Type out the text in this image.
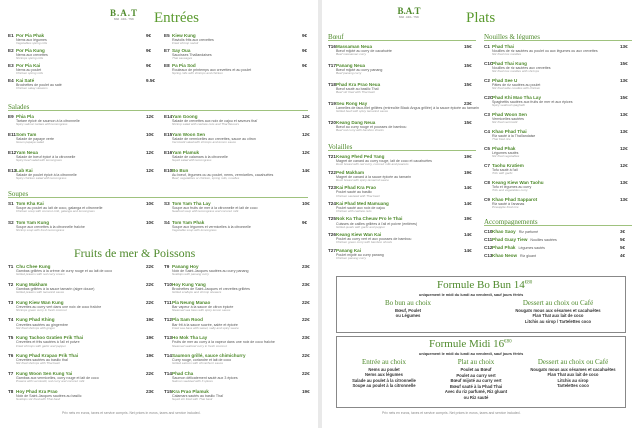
B.A.T
BAR · ASIA · THAI	Entrées
E1 Por Pia Phak	9€
Nems aux légumes
Vegetables spring rolls
E2 Por Pia Kung	9€
Nems aux crevettes
Shrimps spring rolls
E3 Por Pia Kai	9€
Nems au poulet
Chicken spring rolls
E4 Kai Saté	9.5€
Brochettes de poulet au saté
Chicken satay skewers
E5 Kiew Kung	9€
Raviolis frits aux crevettes
Fried shrimp ravioli
E7 Say Oua	9€
Saucisses Thaïlandaises
Thai sausages
E8 Pa Pia Sod	9€
Rouleaux de printemps aux crevettes et au poulet
Spring rolls with shrimps and chicken
Salades
E9 Phia Pla	12€
Tartare épicé de saumon à la citronnelle
Spicy salmon tartare with lemongrass
E11Som Tam	10€
Salade de papaye verte
Green papaya salad
E12Yam Neua	12€
Salade de bœuf épicé à la citronnelle
Spicy beef salad with lemongrass
E13Lab Kai	12€
Salade de poulet épicé à la citronnelle
Spicy chicken salad with lemongrass
E14Yam Goong	12€
Salade de crevettes aux noix de cajou et saveurs thaï
Shrimp salad with cashew nuts and Thai flavours
E15Yam Woon Sen	12€
Salade de vermicelles aux crevettes, sauce au citron
Vermicelli salad with shrimps and lemon sauce
E16Yam Plamuk	12€
Salade de calamars à la citronnelle
Squid salad with lemongrass
E10Bo Bun	14€
Au bœuf, légumes ou au poulet, nems, vermicelles, cacahuètes
Beef, vegetables or chicken, spring rolls, noodles
Soupes
S1 Tom Kha Kai	10€
Soupe au poulet au lait de coco, galanga et citronnelle
Chicken soup with coconut milk, galanga and lemongrass
S2 Tom Yam Kung	10€
Soupe aux crevettes à la citronnelle fraîche
Shrimp soup with fresh lemongrass
S3 Tom Yam Tha Lay	10€
Soupe aux fruits de mer à la citronnelle et lait de coco
Seafood soup with lemongrass and coconut milk
S4 Tom Yam Phak	9€
Soupe aux légumes et vermicelles à la citronnelle
Vegetable soup with lemongrass
Fruits de mer & Poissons
T1 Chu Chee Kung	22€
Gambas grillées à la crème de curry rouge et au lait de coco
Grilled prawns with red curry cream
T2 Kung Makham	22€
Gambas grillées à la sauce tamarin (aigre douce)
Grilled prawns with tamarind sauce
T3 Kung Kiew Wan Kung	22€
Crevettes au curry vert dans une noix de coco fraîche
Shrimps green curry in fresh coconut
T4 Kung Phad Khing	19€
Crevettes sautées au gingembre
Stir fried shrimps with ginger
T5 Kung Tachoo Gratien Prik Thai	19€
Crevettes et frits sautées à l'ail et poivre
Fried shrimps with garlic and pepper
T6 Kung Phad Krapao Prik Thai	19€
Crevettes sautées au basilic thaï
Stir fried shrimps with Thai basil
T7 Kung Woon Sen Kung Yai	22€
Gambas aux vermicelles, curry rouge et lait de coco
Prawns with vermicelli, red curry and coconut milk
T8 Hoy Phad Kra Prao	23€
Noix de Saint-Jacques sautées au basilic
Scallops stir fried with Thai basil
T9 Panang Hoy	23€
Noix de Saint-Jacques sautées au curry panang
Scallops with panang curry
T10Hoy Kung Yang	23€
Brochettes de Saint-Jacques et crevettes grillées
Grilled scallops and shrimp skewers
T11Pla Neung Manao	22€
Bar vapeur à la sauce de citron épicée
Steamed sea bass with spicy lemon sauce
T12Pla Sam Rood	22€
Bar frit à la sauce sucrée, salée et épicée
Fried sea bass with sweet, salty and spicy sauce
T13Ho Mok Tha Lay	23€
Fruits de mer au curry à la vapeur dans une noix de coco fraîche
Steamed seafood curry in fresh coconut
T14Saumon grillé, sauce chimichurry	22€
Curry rouge, coriandre et lait de coco
Grilled salmon with chimichurri sauce
T14Phad Cha	22€
Saumon délicatement sauté aux 3 épices
Salmon sautéed with 3 spices
T15Kra Prao Plamuk	19€
Calamars sautés au basilic Thaï
Squid stir fried with Thai basil
Prix nets en euros, taxes et service compris. Net prices in euros, taxes and service included.
B.A.T
BAR · ASIA · THAI	Plats
Bœuf
T16Massaman Neua	15€
Bœuf mijoté au curry de cacahuète
Beef massaman curry
T17Panang Neua	15€
Bœuf mijoté au curry panang
Beef panang curry
T18Phad Kra Prao Neua	15€
Bœuf sauté au basilic Thaï
Beef stir fried with Thai basil
T19Seu Rong Hay	23€
Lamelles de faux-filet grillées (entrecôte Black Angus grillée) à la sauce épicée au tamarin
Grilled beef with spicy tamarind sauce
T20Keang Dang Neua	15€
Bœuf au curry rouge et pousses de bambou
Beef red curry with bamboo shoots
Volailles
T21Keang Phed Ped Yang	19€
Magret de canard au curry rouge, lait de coco et cacahuètes
Duck breast with red curry, coconut milk and peanuts
T22Ped Makham	19€
Magret de canard à la sauce épicée au tamarin
Duck breast with spicy tamarind sauce
T23Kai Phad Kra Prao	14€
Poulet sauté au basilic
Chicken sautéed with Thai basil
T24Kai Phad Med Mamuang	14€
Poulet sauté aux noix de cajou
Chicken with cashew nuts
T25Nok Ka Tha Cheuw Pro le Thai	19€
Cuisses de cailles grillées à l'ail et poivre (entières)
Grilled quails with garlic and pepper
T26Keang Kiew Wan Kai	14€
Poulet au curry vert et aux pousses de bambou
Chicken green curry with bamboo shoots
T27Panang Kai	14€
Poulet mijoté au curry panang
Chicken panang curry
Nouilles & légumes
C1 Phad Thai	13€
Nouilles de riz sautées au poulet ou aux légumes ou aux crevettes
Stir fried rice noodles
C1CPhad Thai Kung	15€
Nouilles de riz sautées aux crevettes
Stir fried rice noodles with shrimps
C2 Phad See U	13€
Pâtes de riz sautées au poulet
Stir fried wide noodles with chicken
C2CPhad Khi Mao Tha Lay	15€
Spaghettis sautées aux fruits de mer et aux épices
Spicy seafood spaghetti
C3 Phad Woon Sen	13€
Vermicelles sautées
Stir fried vermicelli
C4 Khao Phad Thai	13€
Riz sauté à la Thaïlandaise
Thai fried rice
C5 Phad Phak	12€
Légumes sautés
Stir fried vegetables
C7 Taohu Kratiem	12€
Tofu sauté à l'ail
Tofu with garlic
C8 Keang Kiew Wan Taohu	13€
Tofu et légumes au curry
Tofu and vegetables curry
C9 Khao Phad Sapparot	13€
Riz sauté à l'ananas
Pineapple fried rice
Accompagnements
C10Khao Saoy Riz parfumé	3€
C11Phad Guay Tiew Nouilles sautées	5€
C12Phad Phak Légumes sautés	5€
C13Khao Neow Riz gluant	4€
Formule Bo Bun $14^{€80}$
uniquement le midi du lundi au vendredi, sauf jours fériés
Bo bun au choix
Bœuf, Poulet
ou Légumes
Dessert au choix ou Café
Nougats mous aux sésames et cacahuètes
Flan Thaï aux lait de coco
Litchis au sirop / Tartelettes coco
Formule Midi $16^{€80}$
uniquement le midi du lundi au vendredi, sauf jours fériés
Entrée au choix
Nems au poulet
Nems aux légumes
Salade au poulet à la citronnelle
Soupe au poulet à la citronnelle
Plat au choix
Poulet au Bœuf
Poulet au curry vert
Bœuf mijoté au curry vert
Bœuf sauté à la Phad Thai
Avec du riz parfumé, Riz gluant
ou Riz sauté
Dessert au choix ou Café
Nougats mous aux sésames et cacahuètes
Flan Thaï aux lait de coco
Litchis au sirop
Tartelettes coco
Prix nets en euros, taxes et service compris. Net prices in euros, taxes and service included.
